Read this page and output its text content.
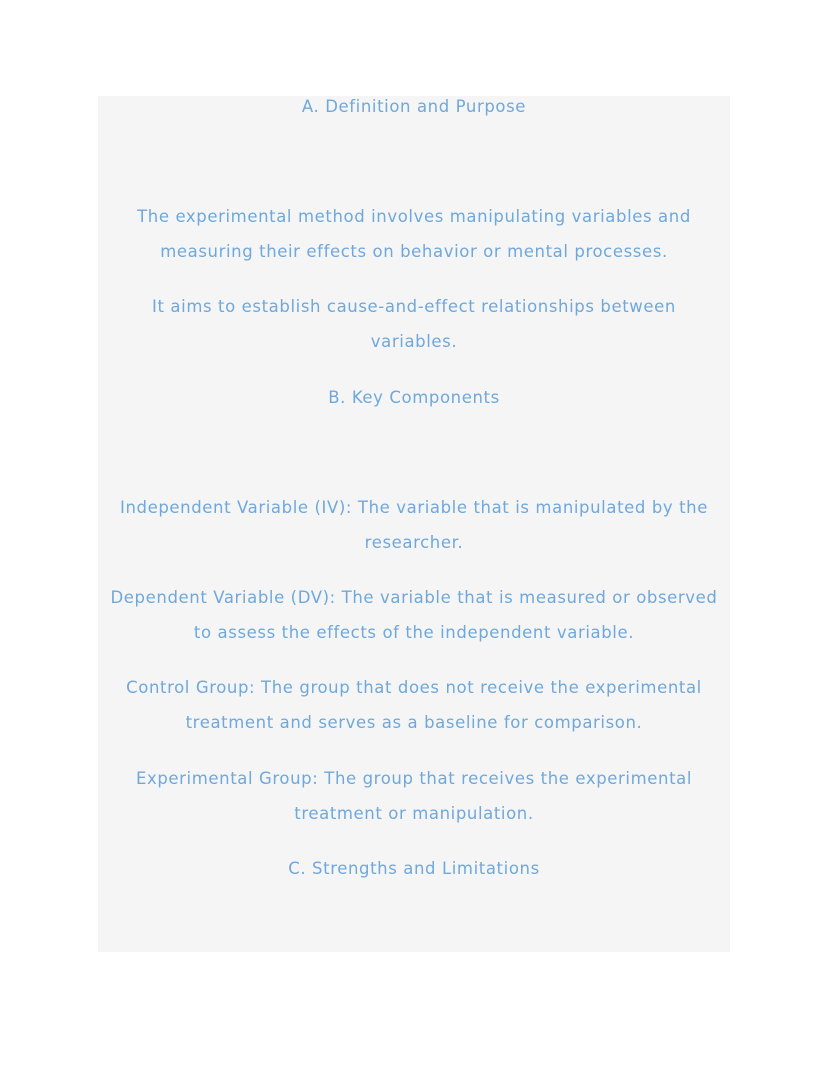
A. Definition and Purpose
The experimental method involves manipulating variables and
measuring their effects on behavior or mental processes.
It aims to establish cause-and-effect relationships between
variables.
B. Key Components
Independent Variable (IV): The variable that is manipulated by the
researcher.
Dependent Variable (DV): The variable that is measured or observed
to assess the effects of the independent variable.
Control Group: The group that does not receive the experimental
treatment and serves as a baseline for comparison.
Experimental Group: The group that receives the experimental
treatment or manipulation.
C. Strengths and Limitations
